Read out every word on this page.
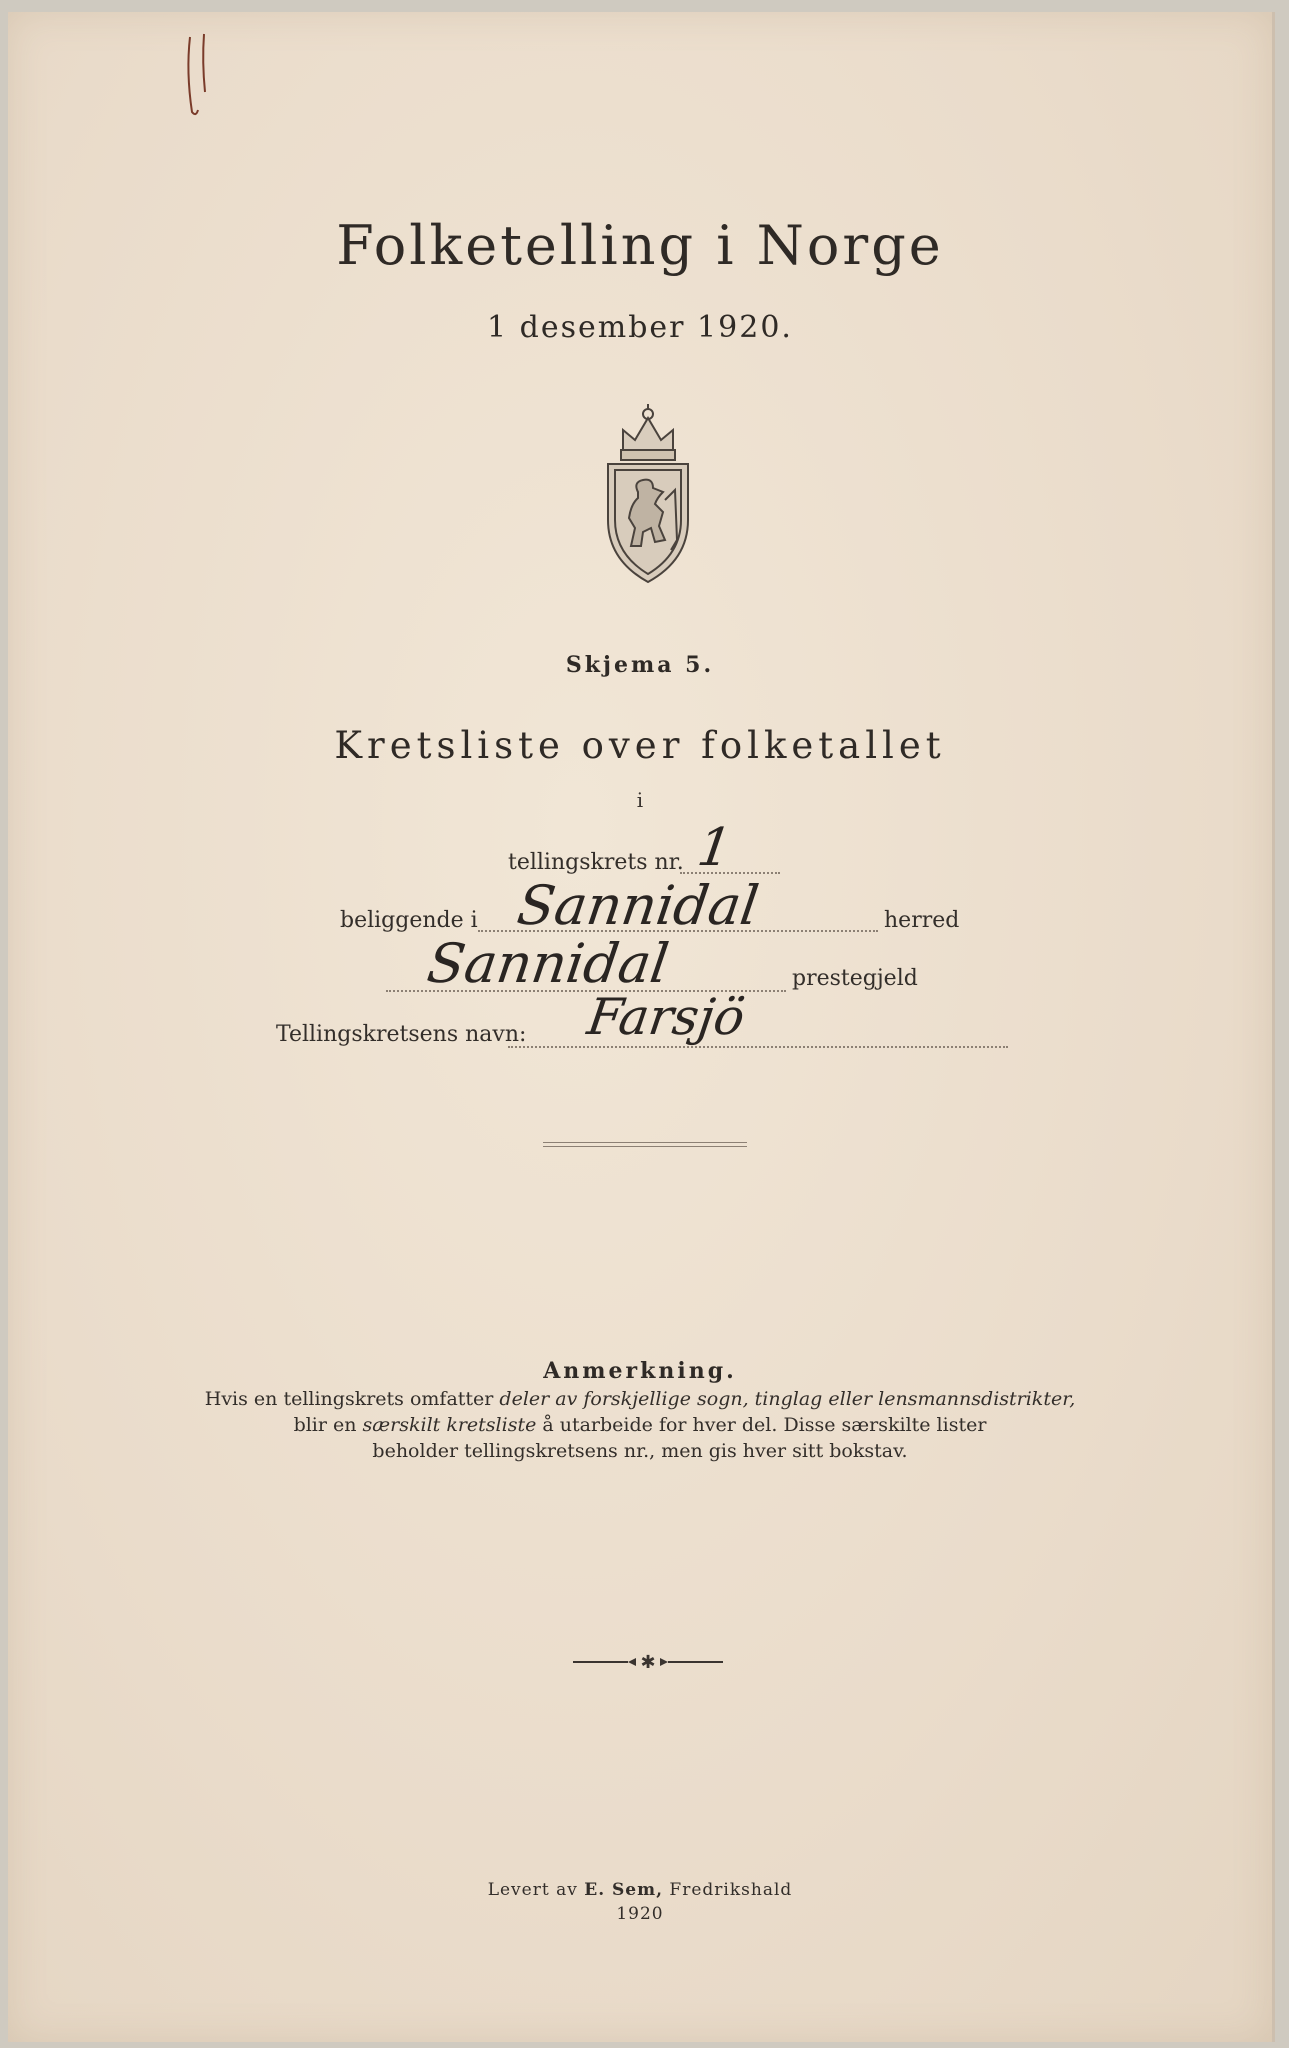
Folketelling i Norge
1 desember 1920.
Skjema 5.
Kretsliste over folketallet
i
tellingskrets nr. 1
beliggende i Sannidal	herred
Sannidal	prestegjeld
Tellingskretsens navn: Farsjö
Anmerkning.
Hvis en tellingskrets omfatter deler av forskjellige sogn, tinglag eller lensmannsdistrikter,
blir en særskilt kretsliste å utarbeide for hver del. Disse særskilte lister
beholder tellingskretsens nr., men gis hver sitt bokstav.
✱
Levert av E. Sem, Fredrikshald
1920
